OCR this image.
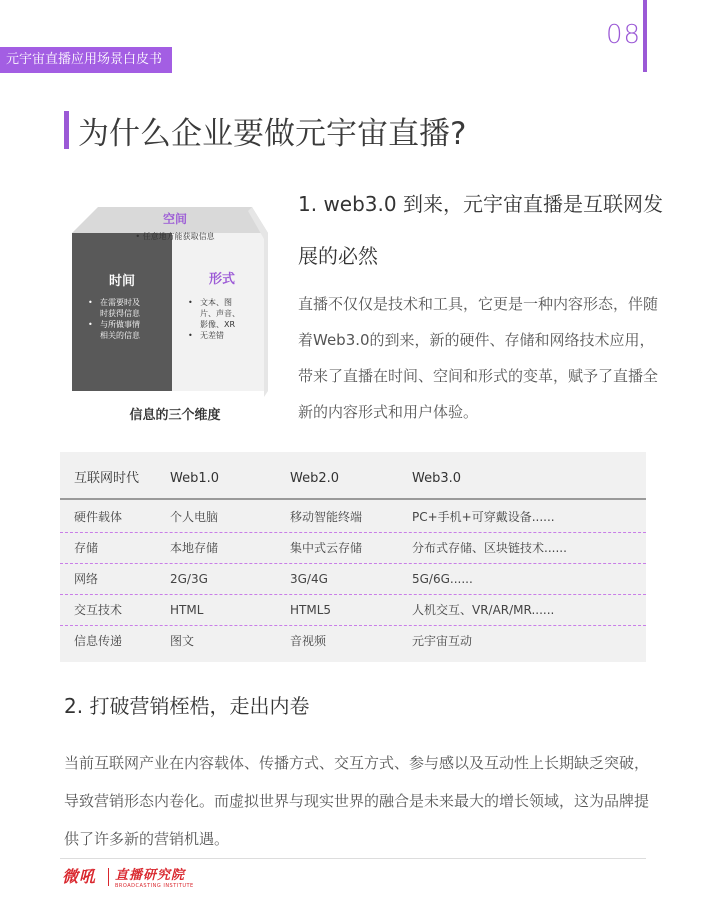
08
元宇宙直播应用场景白皮书
为什么企业要做元宇宙直播?
空间
• 任意地方能获取信息
时间
• 在需要时及
时获得信息
• 与所做事情
相关的信息
形式
• 文本、图
片、声音、
影像、XR
• 无差错
信息的三个维度
1. web3.0 到来，元宇宙直播是互联网发展的必然
直播不仅仅是技术和工具，它更是一种内容形态，伴随着Web3.0的到来，新的硬件、存储和网络技术应用，带来了直播在时间、空间和形式的变革，赋予了直播全新的内容形式和用户体验。
互联网时代 Web1.0	Web2.0	Web3.0
硬件载体	个人电脑	移动智能终端	PC+手机+可穿戴设备......
存储	本地存储	集中式云存储	分布式存储、区块链技术......
网络	2G/3G	3G/4G	5G/6G......
交互技术	HTML	HTML5	人机交互、VR/AR/MR......
信息传递	图文	音视频	元宇宙互动
2. 打破营销桎梏，走出内卷
当前互联网产业在内容载体、传播方式、交互方式、参与感以及互动性上长期缺乏突破，导致营销形态内卷化。而虚拟世界与现实世界的融合是未来最大的增长领域，这为品牌提供了许多新的营销机遇。
微吼 直播研究院
BROADCASTING INSTITUTE
